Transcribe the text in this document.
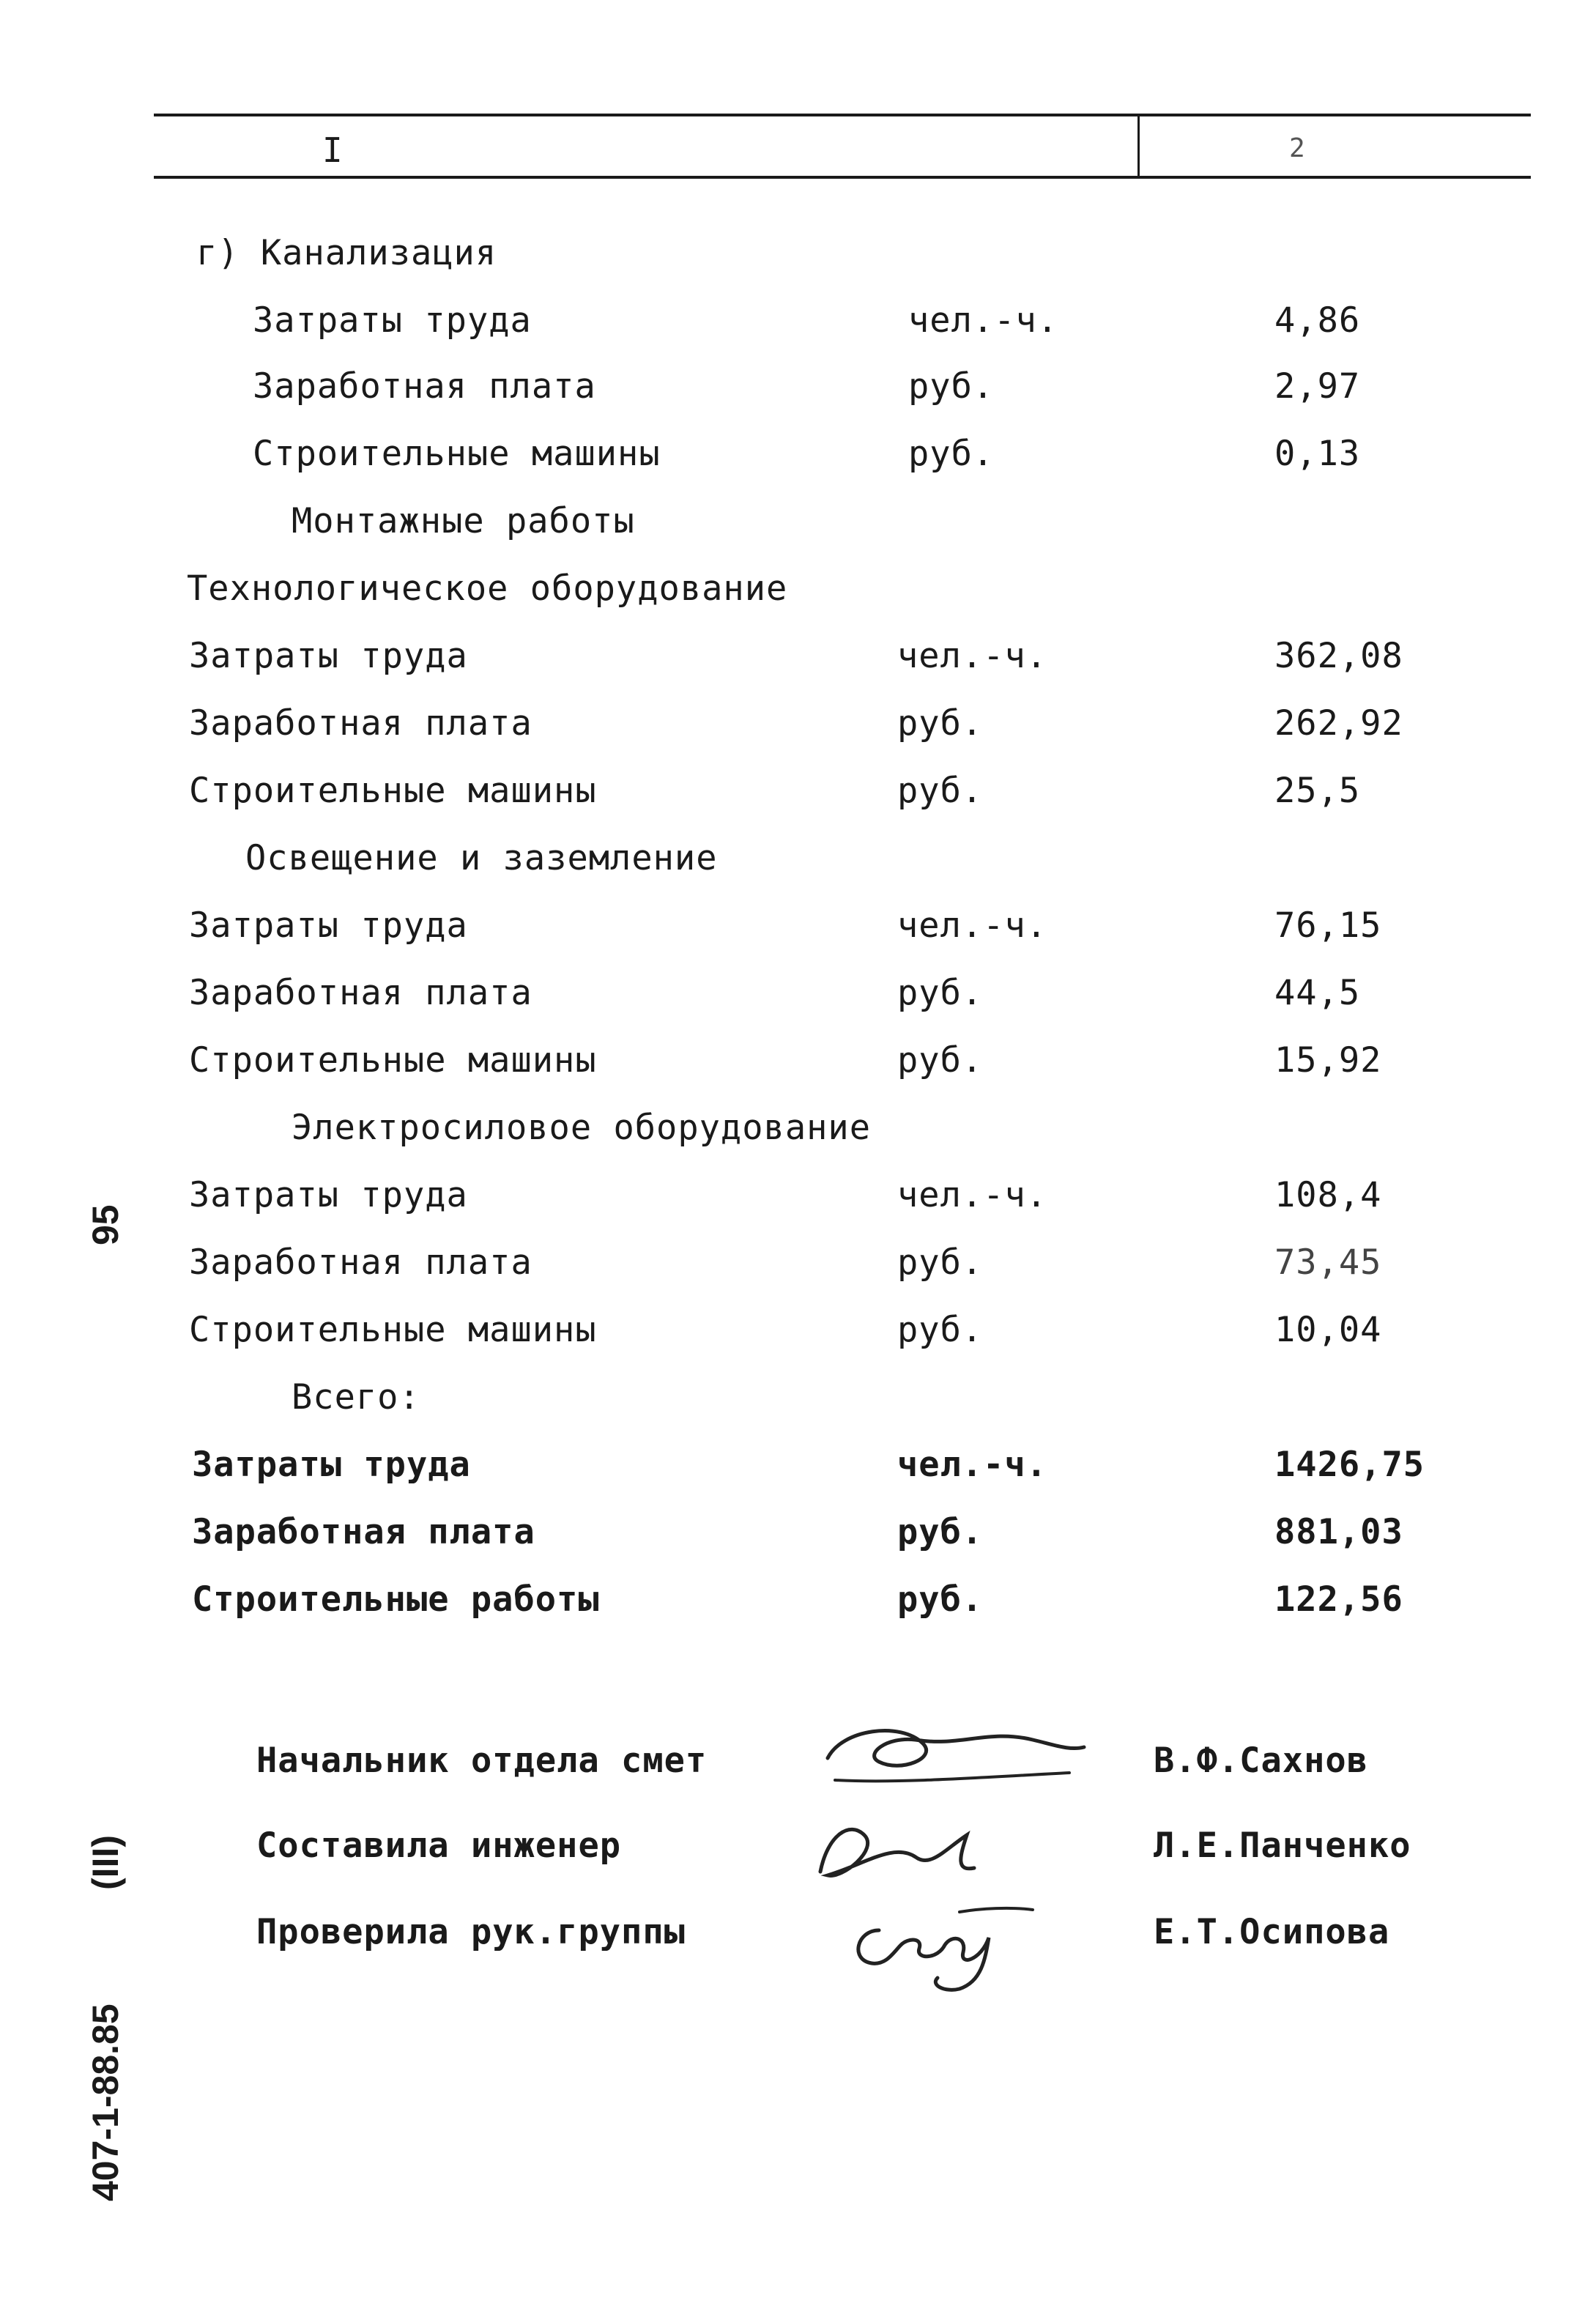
I	2
г) Канализация
Затраты труда	чел.-ч.	4,86
Заработная плата	руб.	2,97
Строительные машины	руб.	0,13
Монтажные работы
Технологическое оборудование
Затраты труда	чел.-ч.	362,08
Заработная плата	руб.	262,92
Строительные машины	руб.	25,5
Освещение и заземление
Затраты труда	чел.-ч.	76,15
Заработная плата	руб.	44,5
Строительные машины	руб.	15,92
Электросиловое оборудование
Затраты труда	чел.-ч.	108,4
Заработная плата	руб.	73,45
Строительные машины	руб.	10,04
Всего:
Затраты труда	чел.-ч.	1426,75
Заработная плата	руб.	881,03
Строительные работы	руб.	122,56
Начальник отдела смет	В.Ф.Сахнов
Составила инженер	Л.Е.Панченко
Проверила рук.группы	Е.Т.Осипова
95
(III)
407-1-88.85
